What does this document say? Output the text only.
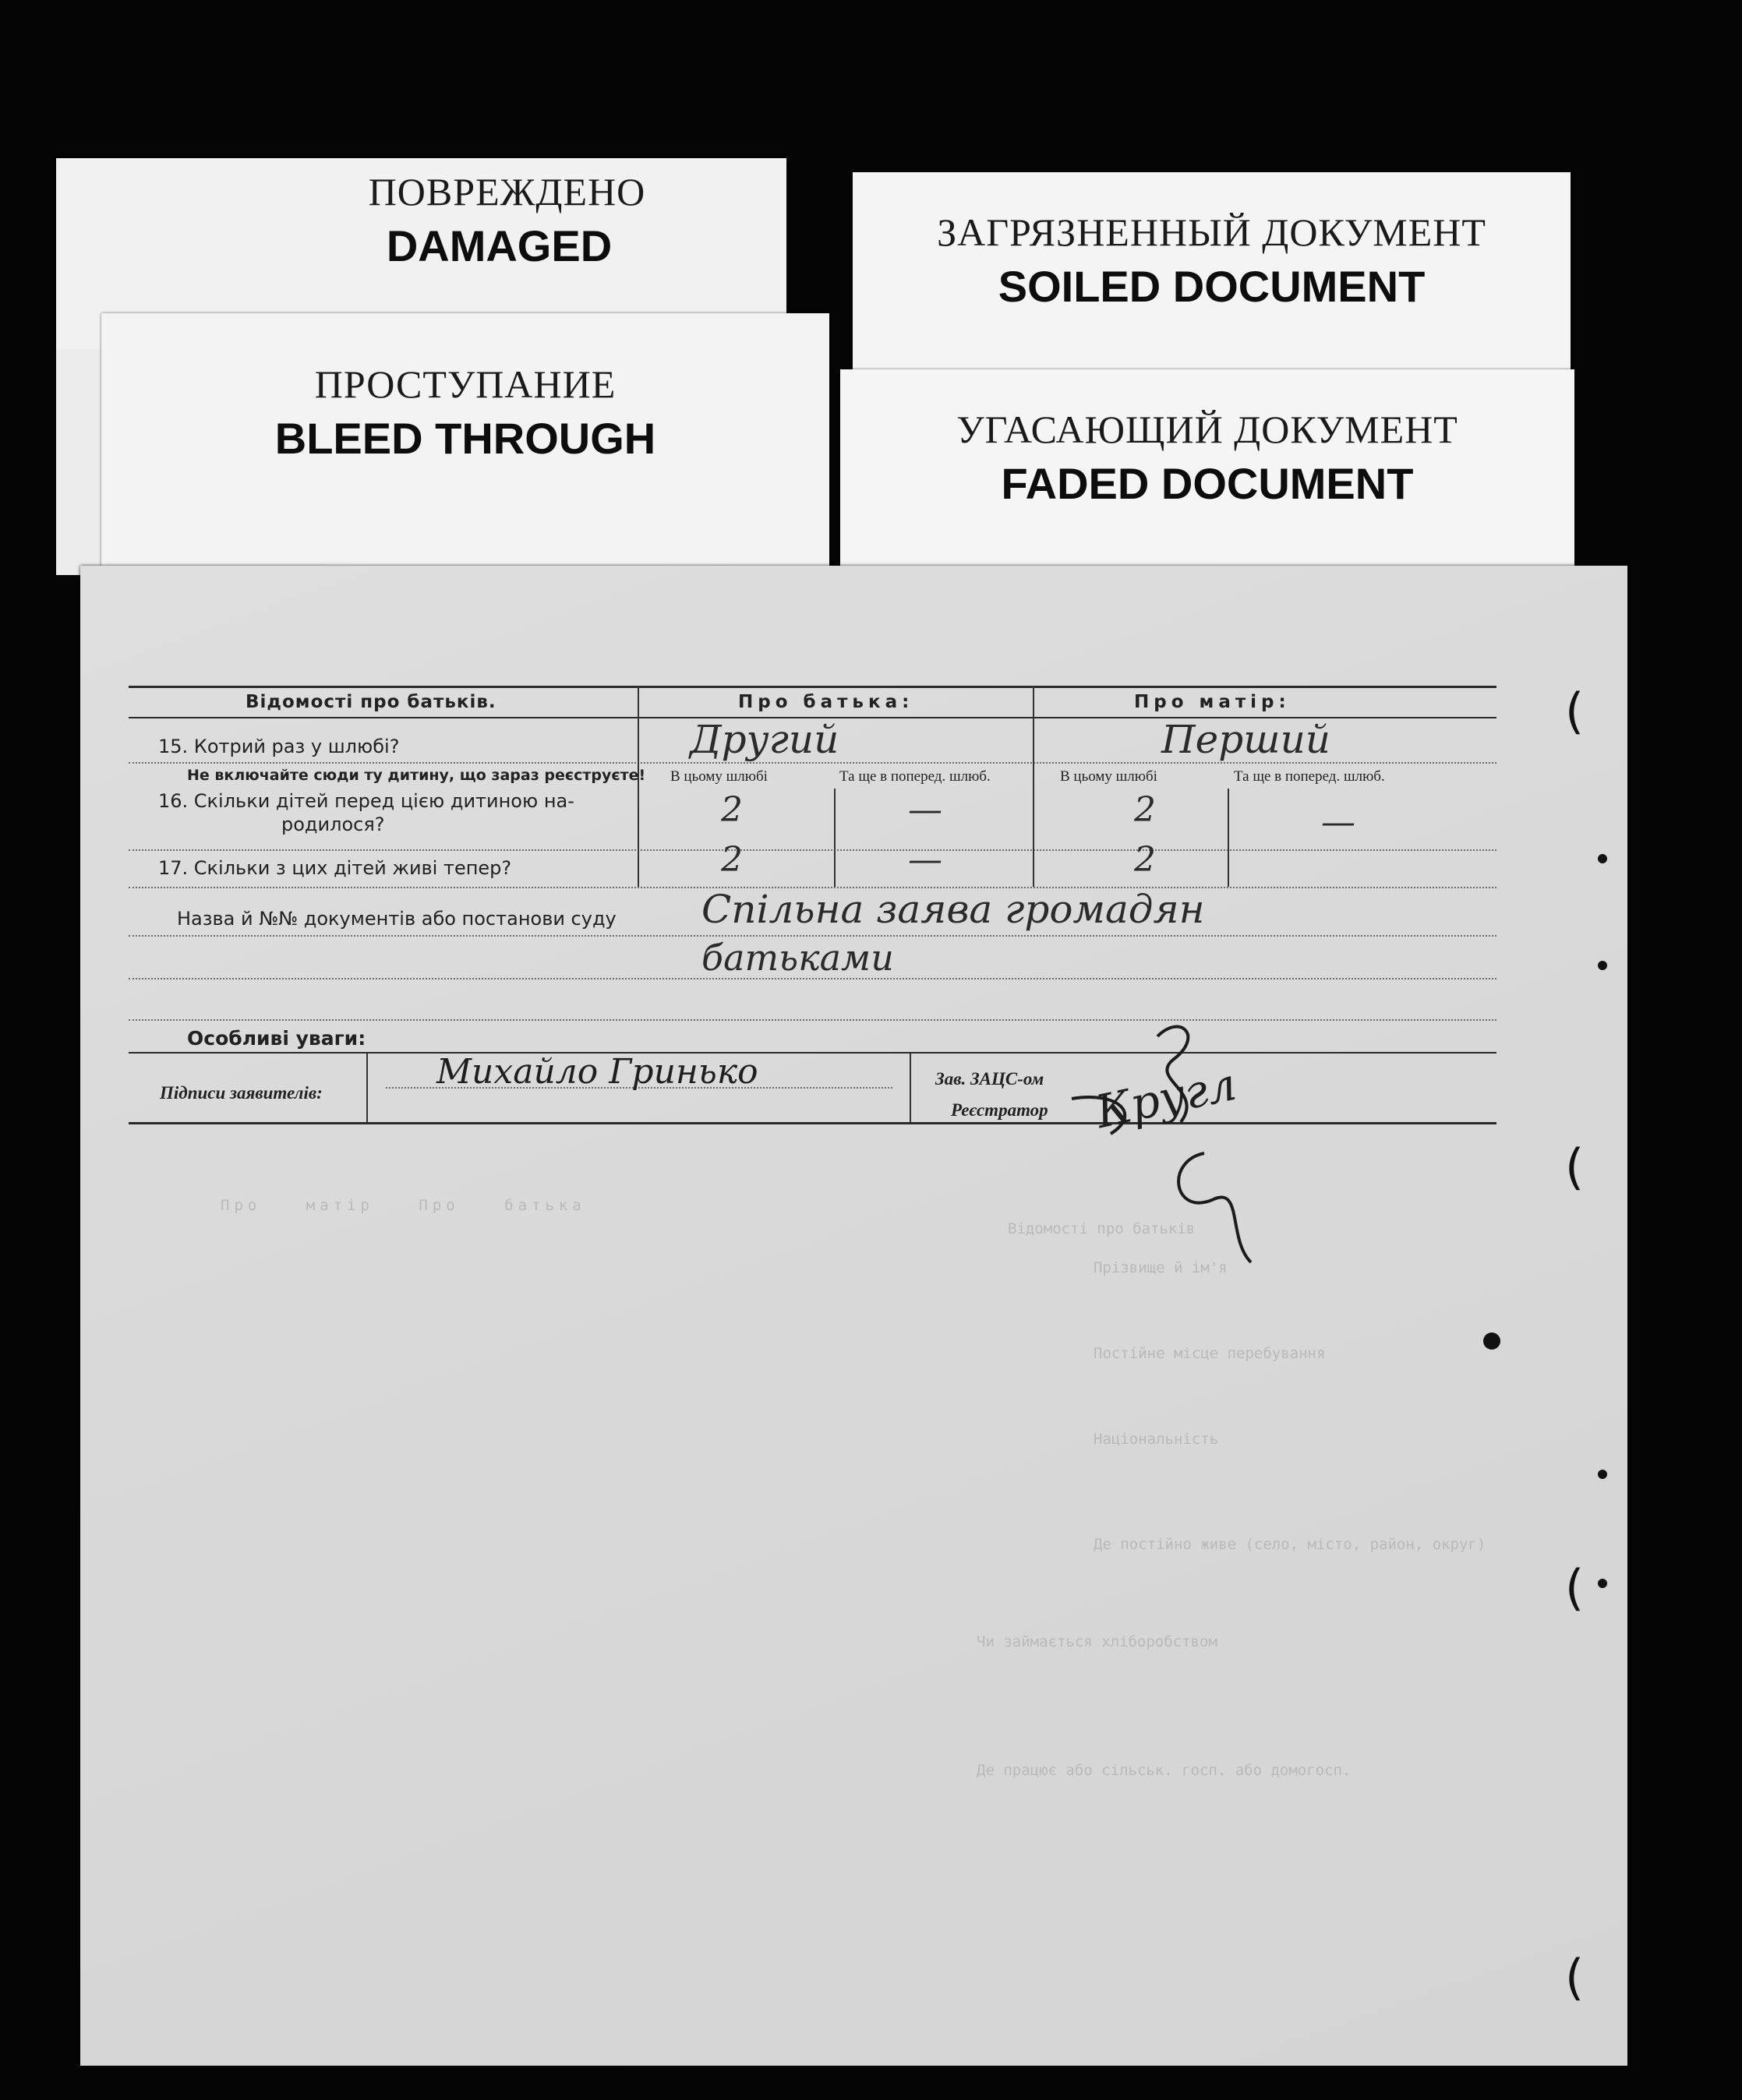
ПОВРЕЖДЕНО
DAMAGED	ЗАГРЯЗНЕННЫЙ ДОКУМЕНТ
SOILED DOCUMENT
ПРОСТУПАНИЕ
BLEED THROUGH	УГАСАЮЩИЙ ДОКУМЕНТ
FADED DOCUMENT
Відомості про батьків
Про матір Про батька
Прізвище й ім'я
Постійне місце перебування
Національність
Де постійно живе (село, місто, район, округ)
Чи займається хліборобством
Де працює або сільськ. госп. або домогосп.
(
(
(
(
Відомості про батьків.	Про батька:	Про матір:
15. Котрий раз у шлюбі?	Другий	Перший
Не включайте сюди ту дитину, що зараз реєструєте! В цьому шлюбі	Та ще в поперед. шлюб.	В цьому шлюбі	Та ще в поперед. шлюб.
16. Скільки дітей перед цією дитиною на-
родилося?	2	—	2	—
17. Скільки з цих дітей живі тепер?	2	—	2
Назва й №№ документів або постанови суду Спільна заява громадян
батьками
Особливі уваги:
Підписи заявителів:
Михайло Гринько	Зав. ЗАЦС-ом
Реєстратор Кругл
